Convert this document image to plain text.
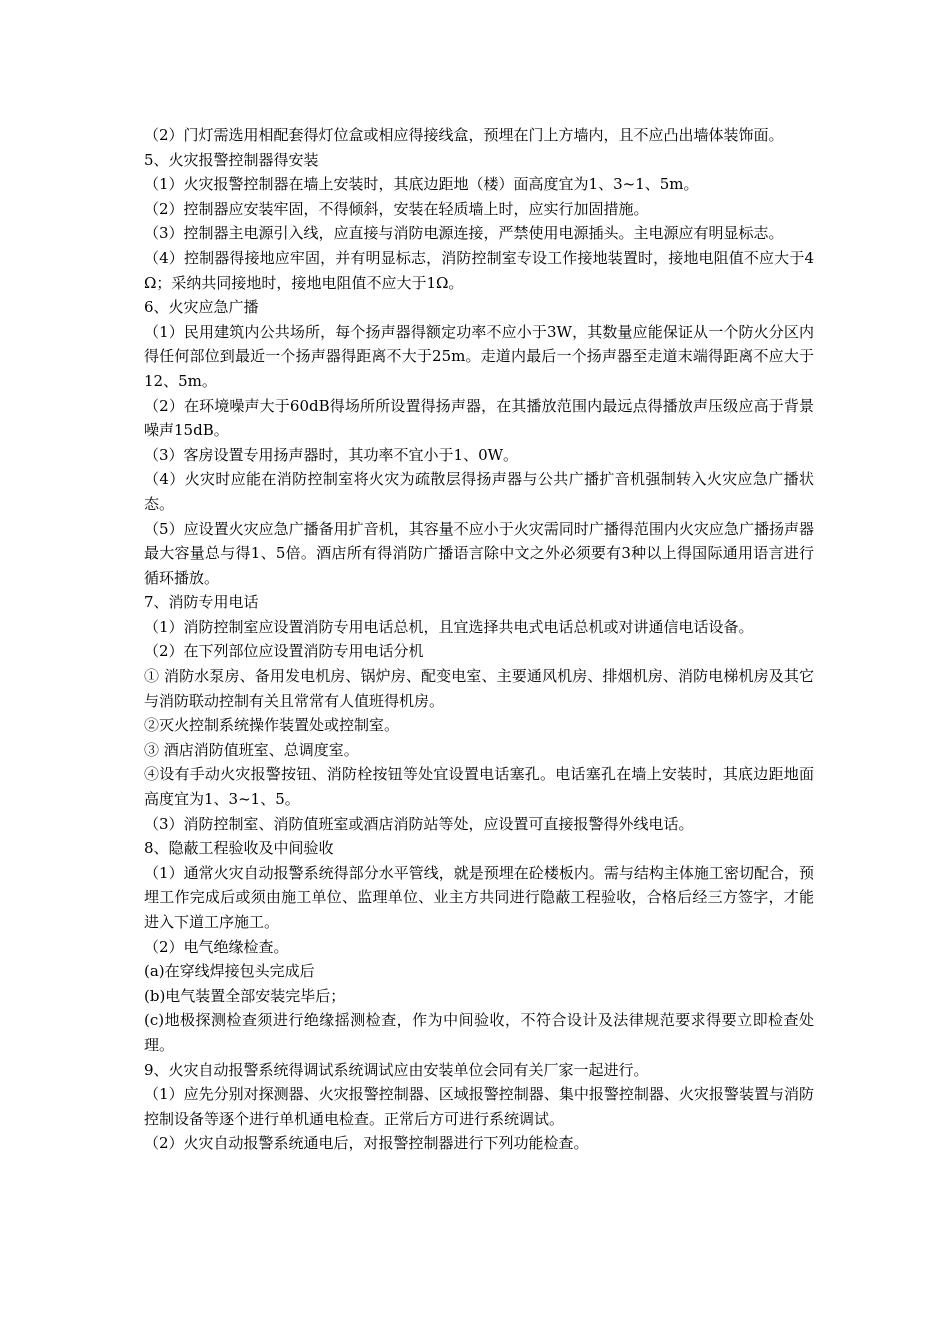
（2）门灯需选用相配套得灯位盒或相应得接线盒，预埋在门上方墙内，且不应凸出墙体装饰面。

5、火灾报警控制器得安装

（1）火灾报警控制器在墙上安装时，其底边距地（楼）面高度宜为1、3~1、5m。

（2）控制器应安装牢固，不得倾斜，安装在轻质墙上时，应实行加固措施。

（3）控制器主电源引入线，应直接与消防电源连接，严禁使用电源插头。主电源应有明显标志。

（4）控制器得接地应牢固，并有明显标志，消防控制室专设工作接地装置时，接地电阻值不应大于4Ω；采纳共同接地时，接地电阻值不应大于1Ω。

6、火灾应急广播

（1）民用建筑内公共场所，每个扬声器得额定功率不应小于3W，其数量应能保证从一个防火分区内得任何部位到最近一个扬声器得距离不大于25m。走道内最后一个扬声器至走道末端得距离不应大于12、5m。

（2）在环境噪声大于60dB得场所所设置得扬声器，在其播放范围内最远点得播放声压级应高于背景噪声15dB。

（3）客房设置专用扬声器时，其功率不宜小于1、0W。

（4）火灾时应能在消防控制室将火灾为疏散层得扬声器与公共广播扩音机强制转入火灾应急广播状态。

（5）应设置火灾应急广播备用扩音机，其容量不应小于火灾需同时广播得范围内火灾应急广播扬声器最大容量总与得1、5倍。酒店所有得消防广播语言除中文之外必须要有3种以上得国际通用语言进行循环播放。

7、消防专用电话

（1）消防控制室应设置消防专用电话总机，且宜选择共电式电话总机或对讲通信电话设备。

（2）在下列部位应设置消防专用电话分机

① 消防水泵房、备用发电机房、锅炉房、配变电室、主要通风机房、排烟机房、消防电梯机房及其它与消防联动控制有关且常常有人值班得机房。

②灭火控制系统操作装置处或控制室。

③ 酒店消防值班室、总调度室。

④设有手动火灾报警按钮、消防栓按钮等处宜设置电话塞孔。电话塞孔在墙上安装时，其底边距地面高度宜为1、3~1、5。

（3）消防控制室、消防值班室或酒店消防站等处，应设置可直接报警得外线电话。

8、隐蔽工程验收及中间验收

（1）通常火灾自动报警系统得部分水平管线，就是预埋在砼楼板内。需与结构主体施工密切配合，预埋工作完成后或须由施工单位、监理单位、业主方共同进行隐蔽工程验收，合格后经三方签字，才能进入下道工序施工。

（2）电气绝缘检查。

(a)在穿线焊接包头完成后

(b)电气装置全部安装完毕后；

(c)地极探测检查须进行绝缘摇测检查，作为中间验收，不符合设计及法律规范要求得要立即检查处理。

9、火灾自动报警系统得调试系统调试应由安装单位会同有关厂家一起进行。

（1）应先分别对探测器、火灾报警控制器、区域报警控制器、集中报警控制器、火灾报警装置与消防控制设备等逐个进行单机通电检查。正常后方可进行系统调试。

（2）火灾自动报警系统通电后，对报警控制器进行下列功能检查。
